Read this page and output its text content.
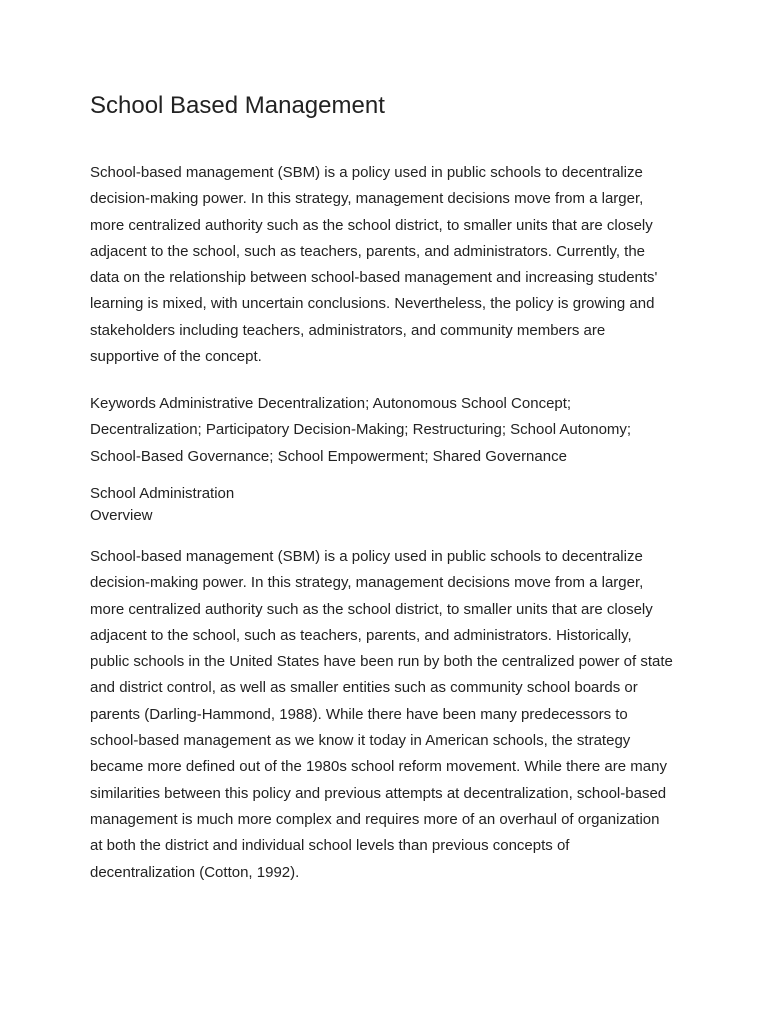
School Based Management

School-based management (SBM) is a policy used in public schools to decentralize
decision-making power. In this strategy, management decisions move from a larger,
more centralized authority such as the school district, to smaller units that are closely
adjacent to the school, such as teachers, parents, and administrators. Currently, the
data on the relationship between school-based management and increasing students'
learning is mixed, with uncertain conclusions. Nevertheless, the policy is growing and
stakeholders including teachers, administrators, and community members are
supportive of the concept.

Keywords Administrative Decentralization; Autonomous School Concept;
Decentralization; Participatory Decision-Making; Restructuring; School Autonomy;
School-Based Governance; School Empowerment; Shared Governance

School Administration
Overview

School-based management (SBM) is a policy used in public schools to decentralize
decision-making power. In this strategy, management decisions move from a larger,
more centralized authority such as the school district, to smaller units that are closely
adjacent to the school, such as teachers, parents, and administrators. Historically,
public schools in the United States have been run by both the centralized power of state
and district control, as well as smaller entities such as community school boards or
parents (Darling-Hammond, 1988). While there have been many predecessors to
school-based management as we know it today in American schools, the strategy
became more defined out of the 1980s school reform movement. While there are many
similarities between this policy and previous attempts at decentralization, school-based
management is much more complex and requires more of an overhaul of organization
at both the district and individual school levels than previous concepts of
decentralization (Cotton, 1992).
